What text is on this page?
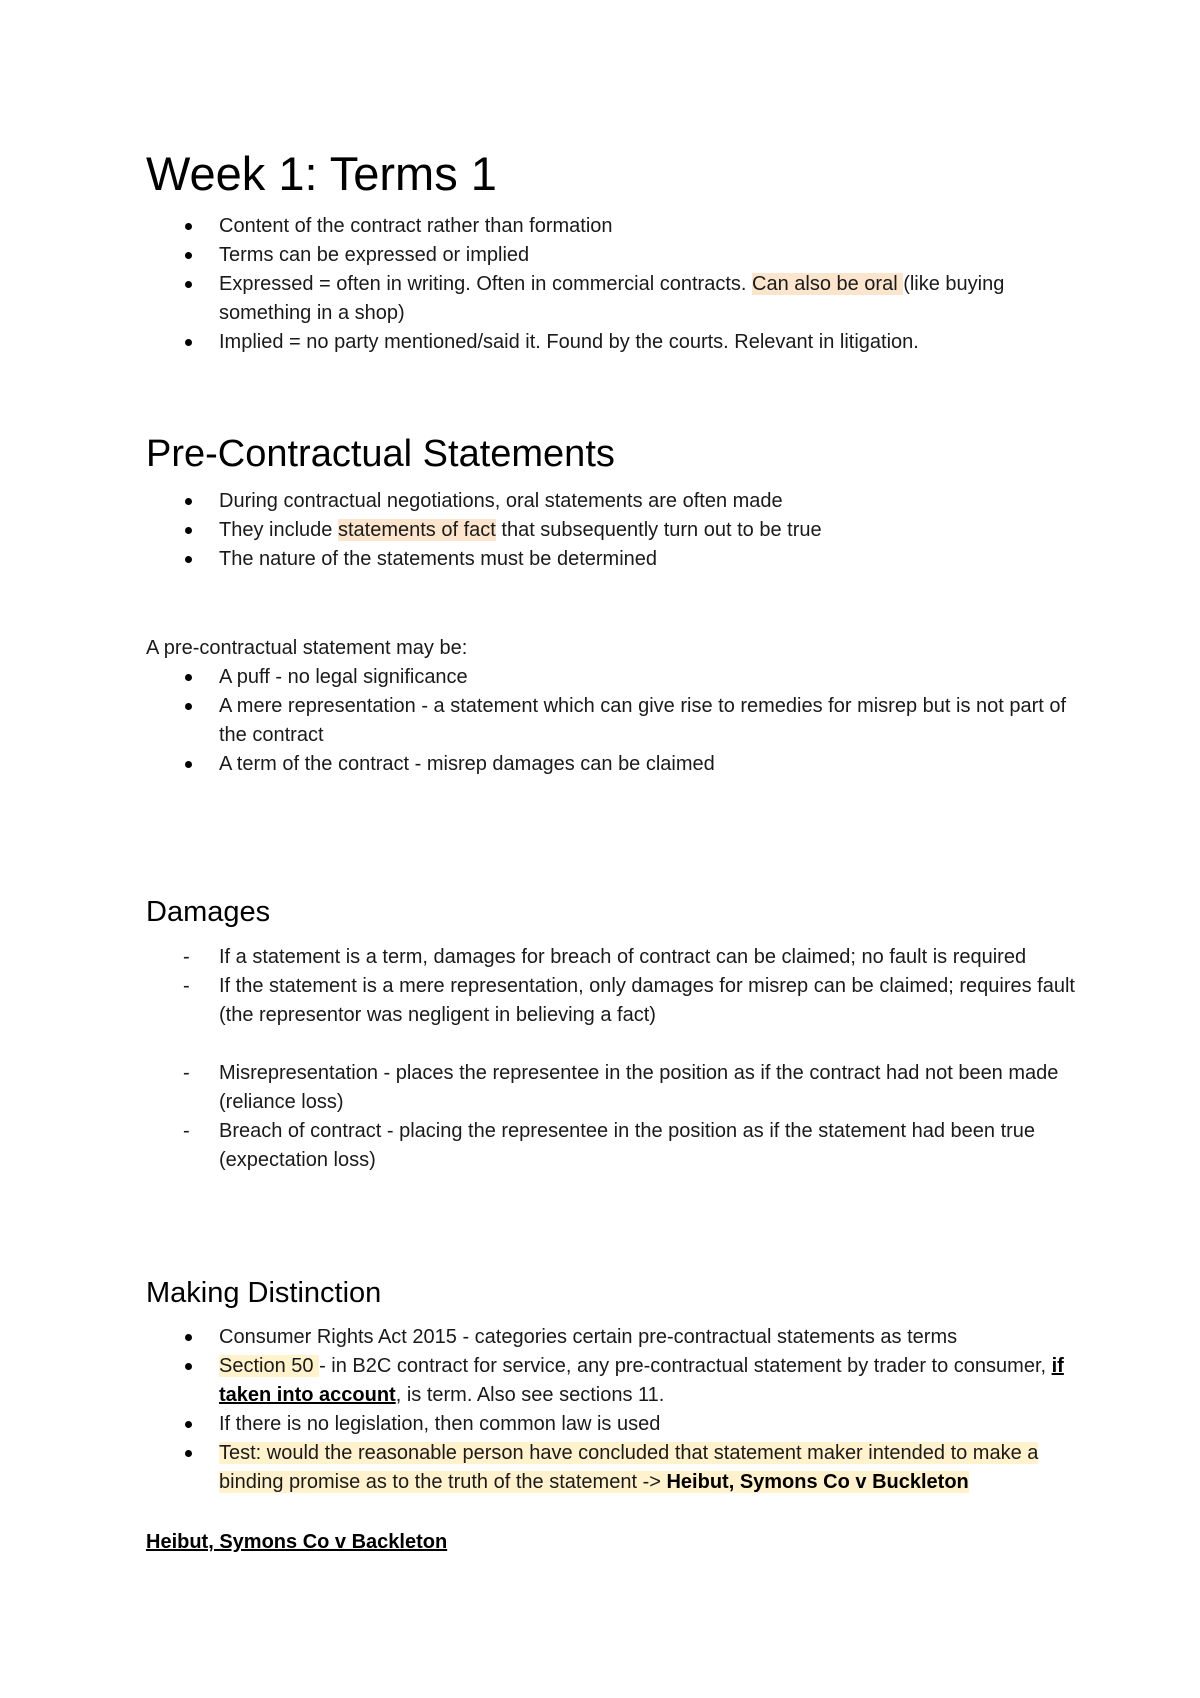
Week 1: Terms 1
Content of the contract rather than formation
Terms can be expressed or implied
Expressed = often in writing. Often in commercial contracts. Can also be oral (like buying something in a shop)
Implied = no party mentioned/said it. Found by the courts. Relevant in litigation.
Pre-Contractual Statements
During contractual negotiations, oral statements are often made
They include statements of fact that subsequently turn out to be true
The nature of the statements must be determined

A pre-contractual statement may be:

A puff - no legal significance
A mere representation - a statement which can give rise to remedies for misrep but is not part of the contract
A term of the contract - misrep damages can be claimed
Damages
- If a statement is a term, damages for breach of contract can be claimed; no fault is required
- If the statement is a mere representation, only damages for misrep can be claimed; requires fault (the representor was negligent in believing a fact)
- Misrepresentation - places the representee in the position as if the contract had not been made (reliance loss)
- Breach of contract - placing the representee in the position as if the statement had been true (expectation loss)
Making Distinction
Consumer Rights Act 2015 - categories certain pre-contractual statements as terms
Section 50 - in B2C contract for service, any pre-contractual statement by trader to consumer, if taken into account, is term. Also see sections 11.
If there is no legislation, then common law is used
Test: would the reasonable person have concluded that statement maker intended to make a binding promise as to the truth of the statement -> Heibut, Symons Co v Buckleton

Heibut, Symons Co v Backleton
